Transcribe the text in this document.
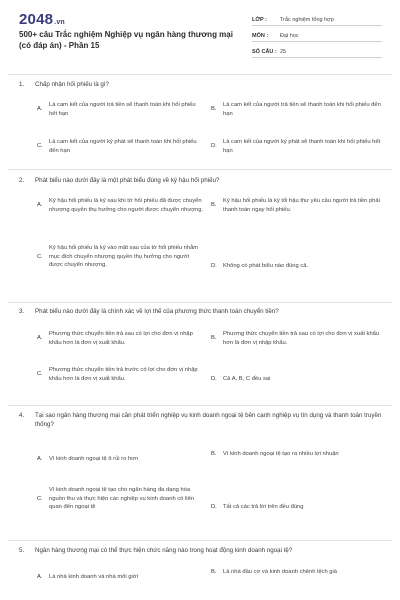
2048.vn
500+ câu Trắc nghiệm Nghiệp vụ ngân hàng thương mại (có đáp án) - Phần 15
LỚP :	Trắc nghiệm tổng hợp
MÔN :	Đại học
SỐ CÂU : 25
1.	Chấp nhận hối phiếu là gì?
A.
Là cam kết của người trả tiền sẽ thanh toán khi hối phiếu hết hạn
B.
Là cam kết của người trả tiền sẽ thanh toán khi hối phiếu đến hạn
C.
Là cam kết của người ký phát sẽ thanh toán khi hối phiếu đến hạn
D.
Là cam kết của người ký phát sẽ thanh toán khi hối phiếu hết hạn
2.	Phát biểu nào dưới đây là một phát biểu đúng về ký hậu hối phiếu?
A.
Ký hậu hối phiếu là ký sau khi tờ hối phiếu đã được chuyển nhượng quyền thụ hưởng cho người được chuyển nhượng.
B.
Ký hậu hối phiếu là ký tối hậu thư yêu cầu người trả tiền phải thanh toán ngay hối phiếu.
C.
Ký hậu hối phiếu là ký vào mặt sau của tờ hối phiếu nhằm mục đích chuyển nhượng quyền thụ hưởng cho người được chuyển nhượng.	D.	Không có phát biểu nào đúng cả.
3.	Phát biểu nào dưới đây là chính xác về lợi thế của phương thức thanh toán chuyển tiền?
A.
Phương thức chuyển tiền trả sau có lợi cho đơn vị nhập khẩu hơn là đơn vị xuất khẩu.
B.
Phương thức chuyển tiền trả sau có lợi cho đơn vị xuất khẩu hơn là đơn vị nhập khẩu.
C.
Phương thức chuyển tiền trả trước có lợi cho đơn vị nhập khẩu hơn là đơn vị xuất khẩu.	D.	Cả A, B, C đều sai
4.	Tại sao ngân hàng thương mại cần phát triển nghiệp vụ kinh doanh ngoại tệ bên cạnh nghiệp vụ tín dụng và thanh toán truyền thống?
A.	Vì kinh doanh ngoại tệ ít rủi ro hơn
B.	Vì kinh doanh ngoại tệ tạo ra nhiều lợi nhuận
C.
Vì kinh doanh ngoại tệ tạo cho ngân hàng đa dạng hóa nguồn thu và thực hiện các nghiệp vụ kinh doanh có liên quan đến ngoại tệ	D.	Tất cả các trả lời trên đều đúng
5.	Ngân hàng thương mại có thể thực hiện chức năng nào trong hoạt động kinh doanh ngoại tệ?
A.	Là nhà kinh doanh và nhà môi giới
B.	Là nhà đầu cơ và kinh doanh chênh lệch giá
